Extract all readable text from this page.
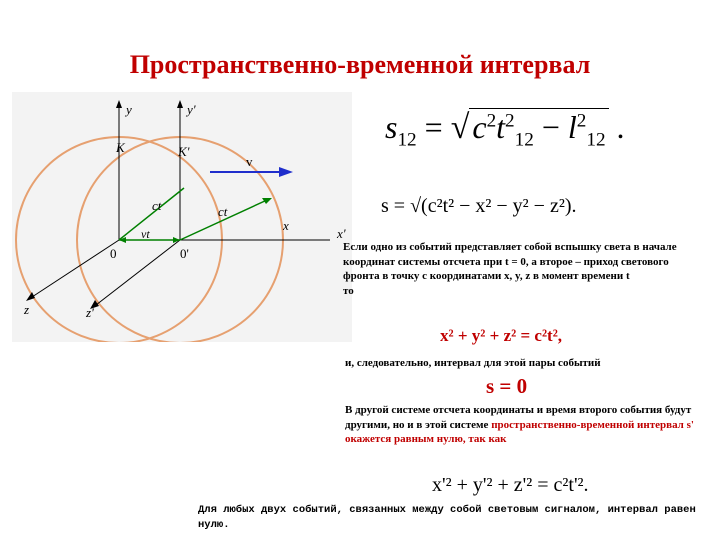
Пространственно-временной интервал
y	y'
K	K'
v
ct	ct
x
x'
vt
0	0'
z	z'
$s_{12} = √c^2t^2_{12} - l^2_{12}$ .
s = √(c²t² − x² − y² − z²).
Если одно из событий представляет собой вспышку света в начале координат системы отсчета при t = 0, а второе – приход светового фронта в точку с координатами x, y, z в момент времени t
то
x² + y² + z² = c²t²,
и, следовательно, интервал для этой пары событий
s = 0
В другой системе отсчета координаты и время второго события будут другими, но и в этой системе пространственно-временной интервал s' окажется равным нулю, так как
x'² + y'² + z'² = c²t'².
Для любых двух событий, связанных между собой световым сигналом, интервал равен нулю.
